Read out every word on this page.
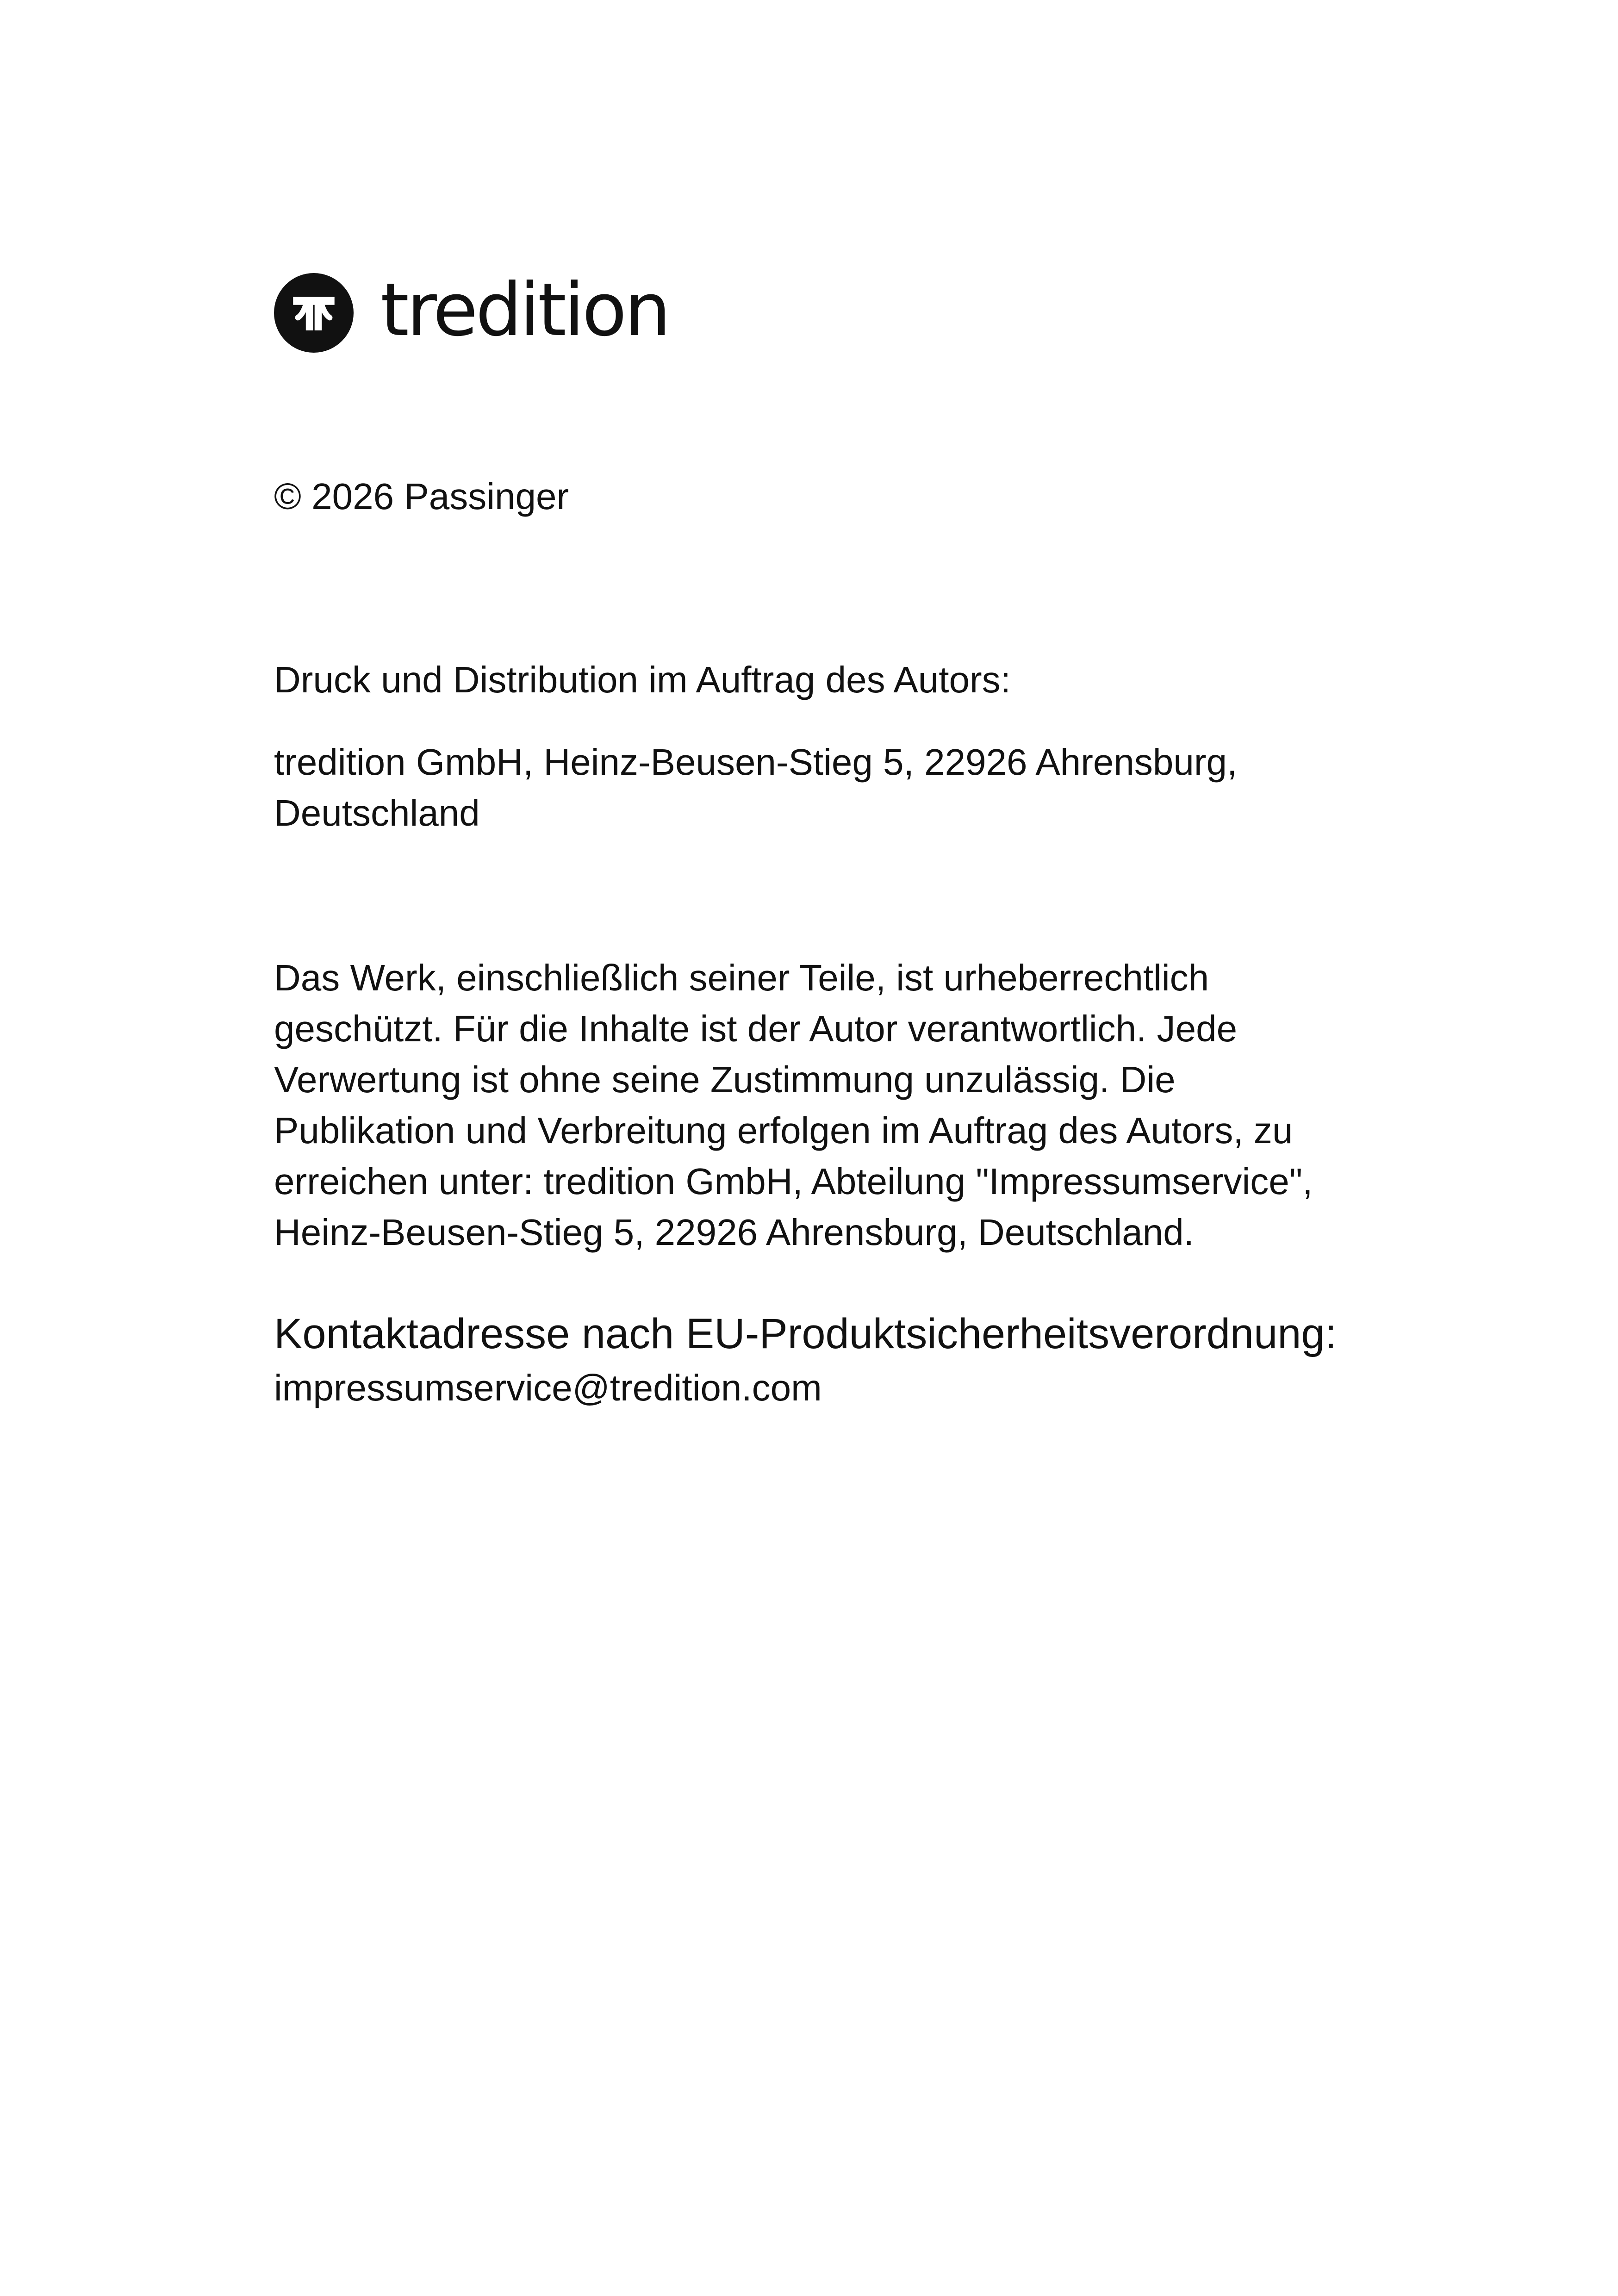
tredition

© 2026 Passinger

Druck und Distribution im Auftrag des Autors:

tredition GmbH, Heinz-Beusen-Stieg 5, 22926 Ahrensburg,
Deutschland

Das Werk, einschließlich seiner Teile, ist urheberrechtlich
geschützt. Für die Inhalte ist der Autor verantwortlich. Jede
Verwertung ist ohne seine Zustimmung unzulässig. Die
Publikation und Verbreitung erfolgen im Auftrag des Autors, zu
erreichen unter: tredition GmbH, Abteilung "Impressumservice",
Heinz-Beusen-Stieg 5, 22926 Ahrensburg, Deutschland.

Kontaktadresse nach EU-Produktsicherheitsverordnung:

impressumservice@tredition.com
